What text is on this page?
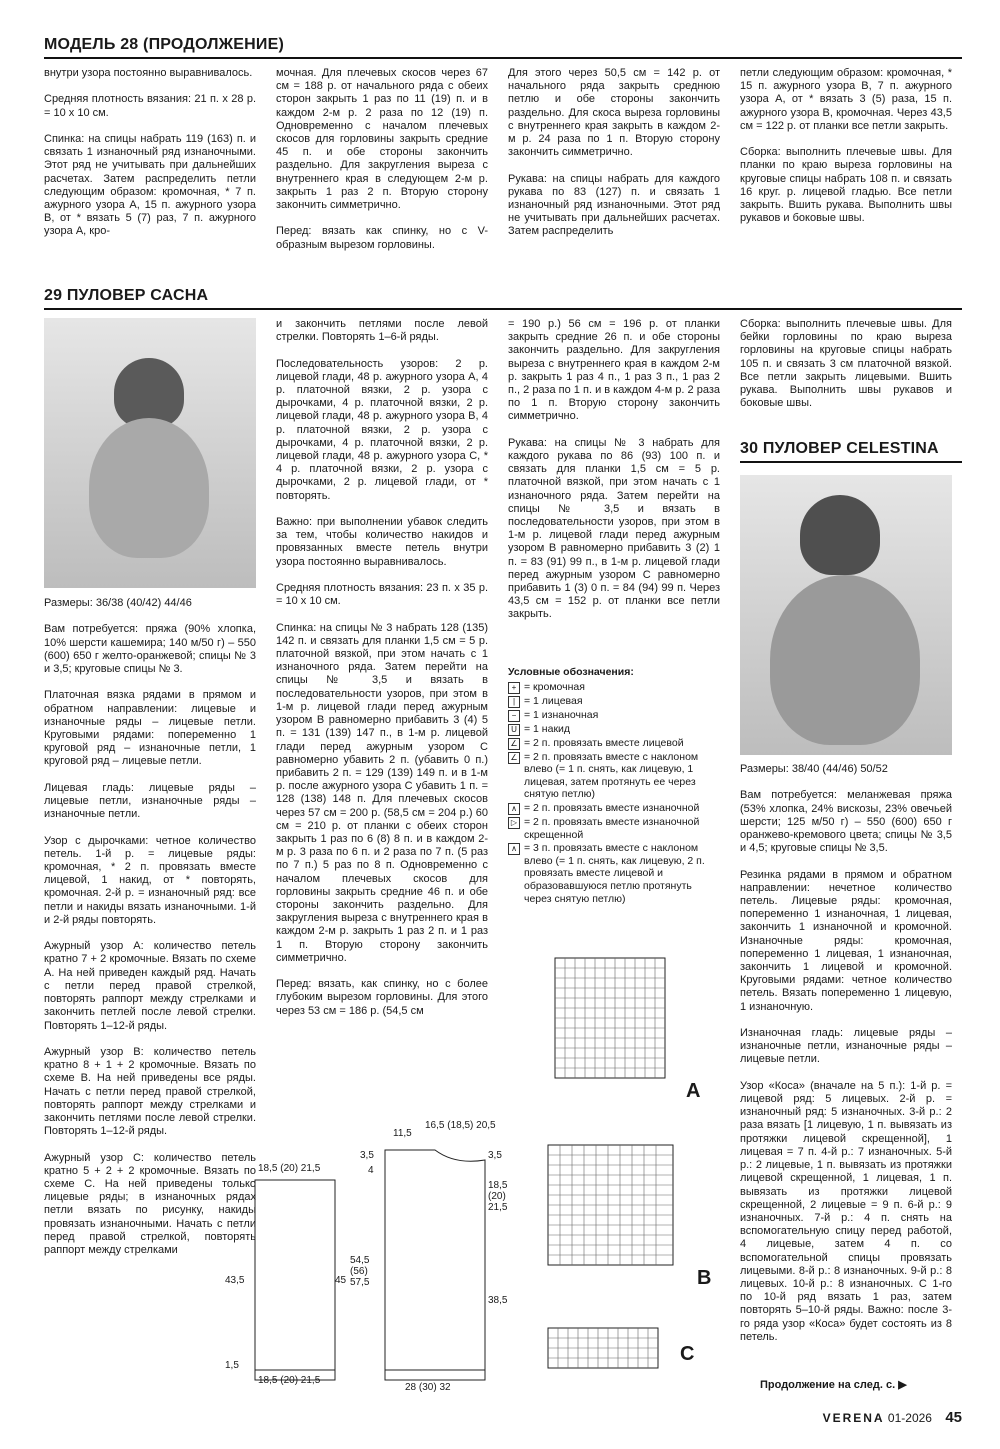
МОДЕЛЬ 28 (ПРОДОЛЖЕНИЕ)
внутри узора постоянно выравнивалось.

Средняя плотность вязания: 21 п. х 28 р. = 10 х 10 см.

Спинка: на спицы набрать 119 (163) п. и связать 1 изнаночный ряд изнаночными. Этот ряд не учитывать при дальнейших расчетах. Затем распределить петли следующим образом: кромочная, * 7 п. ажурного узора А, 15 п. ажурного узора В, от * вязать 5 (7) раз, 7 п. ажурного узора А, кро-
мочная. Для плечевых скосов через 67 см = 188 р. от начального ряда с обеих сторон закрыть 1 раз по 11 (19) п. и в каждом 2-м р. 2 раза по 12 (19) п. Одновременно с началом плечевых скосов для горловины закрыть средние 45 п. и обе стороны закончить раздельно. Для закругления выреза с внутреннего края в следующем 2-м р. закрыть 1 раз 2 п. Вторую сторону закончить симметрично.

Перед: вязать как спинку, но с V-образным вырезом горловины.
Для этого через 50,5 см = 142 р. от начального ряда закрыть среднюю петлю и обе стороны закончить раздельно. Для скоса выреза горловины с внутреннего края закрыть в каждом 2-м р. 24 раза по 1 п. Вторую сторону закончить симметрично.

Рукава: на спицы набрать для каждого рукава по 83 (127) п. и связать 1 изнаночный ряд изнаночными. Этот ряд не учитывать при дальнейших расчетах. Затем распределить
петли следующим образом: кромочная, * 15 п. ажурного узора В, 7 п. ажурного узора А, от * вязать 3 (5) раза, 15 п. ажурного узора В, кромочная. Через 43,5 см = 122 р. от планки все петли закрыть.

Сборка: выполнить плечевые швы. Для планки по краю выреза горловины на круговые спицы набрать 108 п. и связать 16 круг. р. лицевой гладью. Все петли закрыть. Вшить рукава. Выполнить швы рукавов и боковые швы.
29 ПУЛОВЕР САСНА
Размеры: 36/38 (40/42) 44/46

Вам потребуется: пряжа (90% хлопка, 10% шерсти кашемира; 140 м/50 г) – 550 (600) 650 г желто-оранжевой; спицы № 3 и 3,5; круговые спицы № 3.

Платочная вязка рядами в прямом и обратном направлении: лицевые и изнаночные ряды – лицевые петли. Круговыми рядами: попеременно 1 круговой ряд – изнаночные петли, 1 круговой ряд – лицевые петли.

Лицевая гладь: лицевые ряды – лицевые петли, изнаночные ряды – изнаночные петли.

Узор с дырочками: четное количество петель. 1-й р. = лицевые ряды: кромочная, * 2 п. провязать вместе лицевой, 1 накид, от * повторять, кромочная. 2-й р. = изнаночный ряд: все петли и накиды вязать изнаночными. 1-й и 2-й ряды повторять.

Ажурный узор А: количество петель кратно 7 + 2 кромочные. Вязать по схеме А. На ней приведен каждый ряд. Начать с петли перед правой стрелкой, повторять раппорт между стрелками и закончить петлей после левой стрелки. Повторять 1–12-й ряды.

Ажурный узор В: количество петель кратно 8 + 1 + 2 кромочные. Вязать по схеме В. На ней приведены все ряды. Начать с петли перед правой стрелкой, повторять раппорт между стрелками и закончить петлями после левой стрелки. Повторять 1–12-й ряды.

Ажурный узор С: количество петель кратно 5 + 2 + 2 кромочные. Вязать по схеме С. На ней приведены только лицевые ряды; в изнаночных рядах петли вязать по рисунку, накиды провязать изнаночными. Начать с петли перед правой стрелкой, повторять раппорт между стрелками
и закончить петлями после левой стрелки. Повторять 1–6-й ряды.

Последовательность узоров: 2 р. лицевой глади, 48 р. ажурного узора А, 4 р. платочной вязки, 2 р. узора с дырочками, 4 р. платочной вязки, 2 р. лицевой глади, 48 р. ажурного узора В, 4 р. платочной вязки, 2 р. узора с дырочками, 4 р. платочной вязки, 2 р. лицевой глади, 48 р. ажурного узора С, * 4 р. платочной вязки, 2 р. узора с дырочками, 2 р. лицевой глади, от * повторять.

Важно: при выполнении убавок следить за тем, чтобы количество накидов и провязанных вместе петель внутри узора постоянно выравнивалось.

Средняя плотность вязания: 23 п. х 35 р. = 10 х 10 см.

Спинка: на спицы № 3 набрать 128 (135) 142 п. и связать для планки 1,5 см = 5 р. платочной вязкой, при этом начать с 1 изнаночного ряда. Затем перейти на спицы № 3,5 и вязать в последовательности узоров, при этом в 1-м р. лицевой глади перед ажурным узором В равномерно прибавить 3 (4) 5 п. = 131 (139) 147 п., в 1-м р. лицевой глади перед ажурным узором С равномерно убавить 2 п. (убавить 0 п.) прибавить 2 п. = 129 (139) 149 п. и в 1-м р. после ажурного узора С убавить 1 п. = 128 (138) 148 п. Для плечевых скосов через 57 см = 200 р. (58,5 см = 204 р.) 60 см = 210 р. от планки с обеих сторон закрыть 1 раз по 6 (8) 8 п. и в каждом 2-м р. 3 раза по 6 п. и 2 раза по 7 п. (5 раз по 7 п.) 5 раз по 8 п. Одновременно с началом плечевых скосов для горловины закрыть средние 46 п. и обе стороны закончить раздельно. Для закругления выреза с внутреннего края в каждом 2-м р. закрыть 1 раз 2 п. и 1 раз 1 п. Вторую сторону закончить симметрично.

Перед: вязать, как спинку, но с более глубоким вырезом горловины. Для этого через 53 см = 186 р. (54,5 см
= 190 р.) 56 см = 196 р. от планки закрыть средние 26 п. и обе стороны закончить раздельно. Для закругления выреза с внутреннего края в каждом 2-м р. закрыть 1 раз 4 п., 1 раз 3 п., 1 раз 2 п., 2 раза по 1 п. и в каждом 4-м р. 2 раза по 1 п. Вторую сторону закончить симметрично.

Рукава: на спицы № 3 набрать для каждого рукава по 86 (93) 100 п. и связать для планки 1,5 см = 5 р. платочной вязкой, при этом начать с 1 изнаночного ряда. Затем перейти на спицы № 3,5 и вязать в последовательности узоров, при этом в 1-м р. лицевой глади перед ажурным узором В равномерно прибавить 3 (2) 1 п. = 83 (91) 99 п., в 1-м р. лицевой глади перед ажурным узором С равномерно прибавить 1 (3) 0 п. = 84 (94) 99 п. Через 43,5 см = 152 р. от планки все петли закрыть.
Сборка: выполнить плечевые швы. Для бейки горловины по краю выреза горловины на круговые спицы набрать 105 п. и связать 3 см платочной вязкой. Все петли закрыть лицевыми. Вшить рукава. Выполнить швы рукавов и боковые швы.
30 ПУЛОВЕР CELESTINA
Размеры: 38/40 (44/46) 50/52

Вам потребуется: меланжевая пряжа (53% хлопка, 24% вискозы, 23% овечьей шерсти; 125 м/50 г) – 550 (600) 650 г оранжево-кремового цвета; спицы № 3,5 и 4,5; круговые спицы № 3,5.

Резинка рядами в прямом и обратном направлении: нечетное количество петель. Лицевые ряды: кромочная, попеременно 1 изнаночная, 1 лицевая, закончить 1 изнаночной и кромочной. Изнаночные ряды: кромочная, попеременно 1 лицевая, 1 изнаночная, закончить 1 лицевой и кромочной. Круговыми рядами: четное количество петель. Вязать попеременно 1 лицевую, 1 изнаночную.

Изнаночная гладь: лицевые ряды – изнаночные петли, изнаночные ряды – лицевые петли.

Узор «Коса» (вначале на 5 п.): 1-й р. = лицевой ряд: 5 лицевых. 2-й р. = изнаночный ряд: 5 изнаночных. 3-й р.: 2 раза вязать [1 лицевую, 1 п. вывязать из протяжки лицевой скрещенной], 1 лицевая = 7 п. 4-й р.: 7 изнаночных. 5-й р.: 2 лицевые, 1 п. вывязать из протяжки лицевой скрещенной, 1 лицевая, 1 п. вывязать из протяжки лицевой скрещенной, 2 лицевые = 9 п. 6-й р.: 9 изнаночных. 7-й р.: 4 п. снять на вспомогательную спицу перед работой, 4 лицевые, затем 4 п. со вспомогательной спицы провязать лицевыми. 8-й р.: 8 изнаночных. 9-й р.: 8 лицевых. 10-й р.: 8 изнаночных. С 1-го по 10-й ряд вязать 1 раз, затем повторять 5–10-й ряды. Важно: после 3-го ряда узор «Коса» будет состоять из 8 петель.
Условные обозначения:
+ = кромочная
| = 1 лицевая
− = 1 изнаночная
U = 1 накид
∠ = 2 п. провязать вместе лицевой
∠ = 2 п. провязать вместе с наклоном влево (= 1 п. снять, как лицевую, 1 лицевая, затем протянуть ее через снятую петлю)
∧ = 2 п. провязать вместе изнаночной
▷ = 2 п. провязать вместе изнаночной скрещенной
∧ = 3 п. провязать вместе с наклоном влево (= 1 п. снять, как лицевую, 2 п. провязать вместе лицевой и образовавшуюся петлю протянуть через снятую петлю)
18,5 (20) 21,5
18,5 (20) 21,5
43,5	45
1,5
11,5
16,5 (18,5) 20,5
3,5
4
54,5 (56) 57,5
18,5 (20) 21,5
3,5
38,5
28 (30) 32
A
B
C
Продолжение на след. с. ▶
VERENA 01-2026 45
